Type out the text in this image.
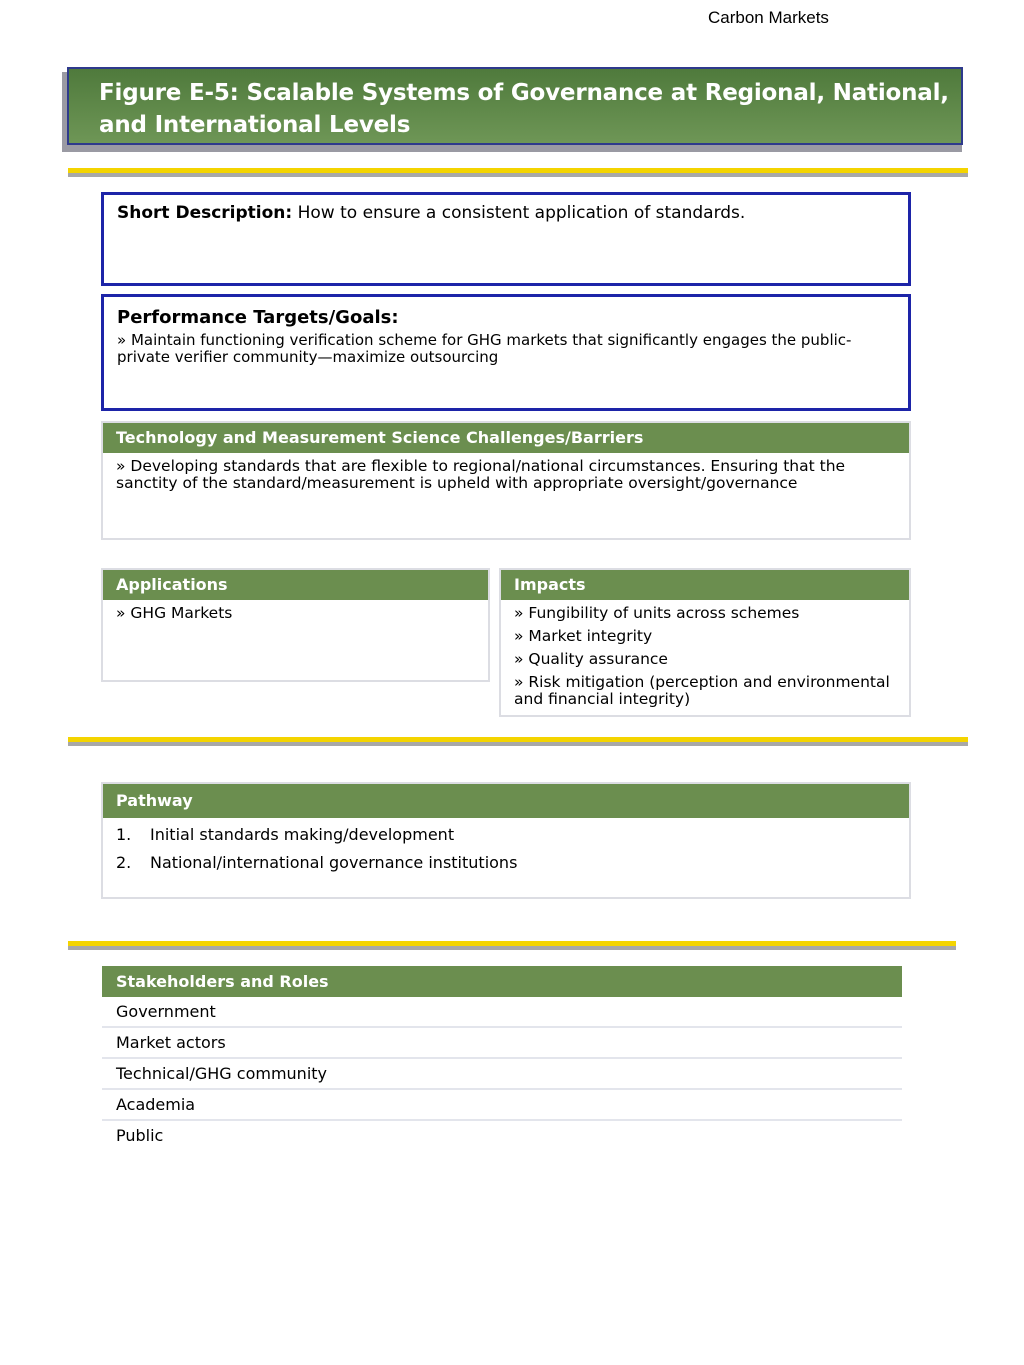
Carbon Markets
Figure E-5: Scalable Systems of Governance at Regional, National,
and International Levels
Short Description: How to ensure a consistent application of standards.
Performance Targets/Goals:
» Maintain functioning verification scheme for GHG markets that significantly engages the public-private verifier community—maximize outsourcing
Technology and Measurement Science Challenges/Barriers
» Developing standards that are flexible to regional/national circumstances. Ensuring that the sanctity of the standard/measurement is upheld with appropriate oversight/governance
Applications
» GHG Markets
Impacts
» Fungibility of units across schemes
» Market integrity
» Quality assurance
» Risk mitigation (perception and environmental and financial integrity)
Pathway
1.	Initial standards making/development
2.	National/international governance institutions
Stakeholders and Roles
Government
Market actors
Technical/GHG community
Academia
Public
